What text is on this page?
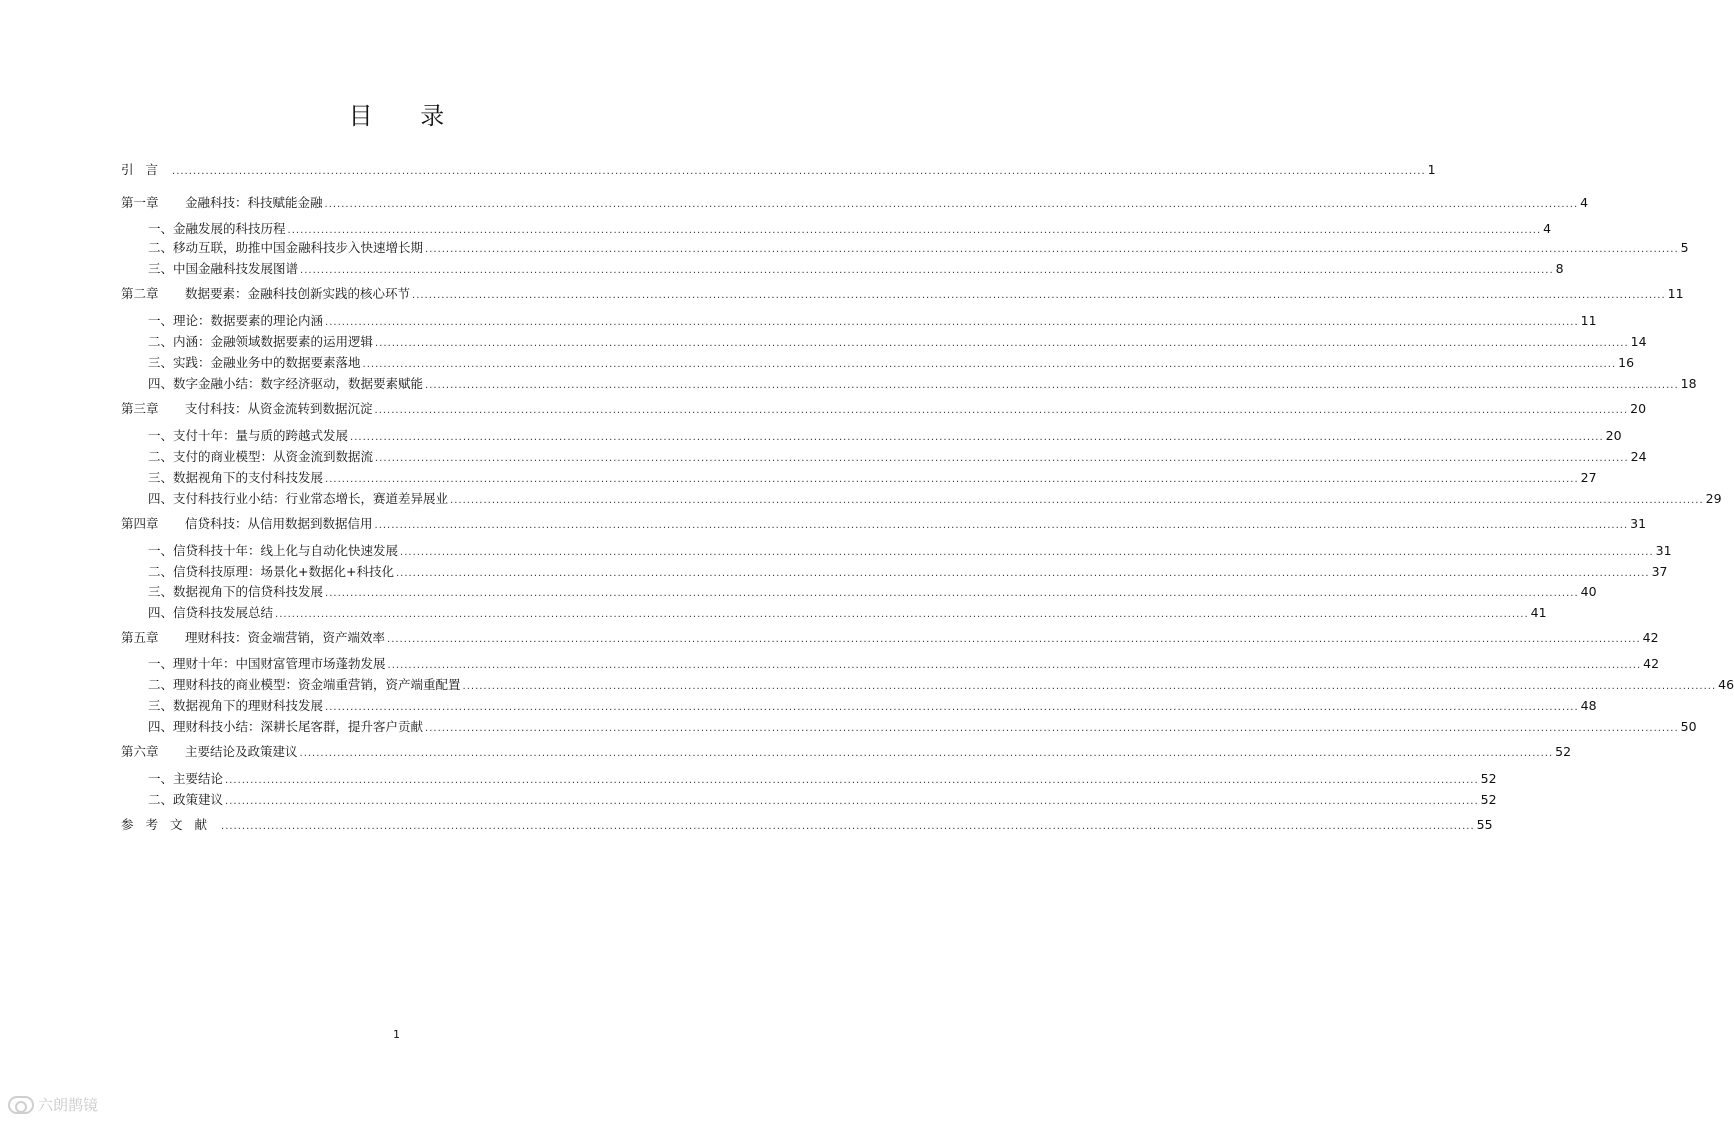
目 录
引言 ............................................................................................................................................................................................................................................................................................................ 1
第一章	金融科技：科技赋能金融 ............................................................................................................................................................................................................................................................................................................ 4
一、 金融发展的科技历程 ............................................................................................................................................................................................................................................................................................................ 4
二、 移动互联，助推中国金融科技步入快速增长期 ............................................................................................................................................................................................................................................................................................................ 5
三、 中国金融科技发展图谱 ............................................................................................................................................................................................................................................................................................................ 8
第二章	数据要素：金融科技创新实践的核心环节 ............................................................................................................................................................................................................................................................................................................ 11
一、 理论：数据要素的理论内涵 ............................................................................................................................................................................................................................................................................................................ 11
二、 内涵：金融领域数据要素的运用逻辑 ............................................................................................................................................................................................................................................................................................................ 14
三、 实践：金融业务中的数据要素落地 ............................................................................................................................................................................................................................................................................................................ 16
四、 数字金融小结：数字经济驱动，数据要素赋能 ............................................................................................................................................................................................................................................................................................................ 18
第三章	支付科技：从资金流转到数据沉淀 ............................................................................................................................................................................................................................................................................................................ 20
一、 支付十年：量与质的跨越式发展 ............................................................................................................................................................................................................................................................................................................ 20
二、 支付的商业模型：从资金流到数据流 ............................................................................................................................................................................................................................................................................................................ 24
三、 数据视角下的支付科技发展 ............................................................................................................................................................................................................................................................................................................ 27
四、 支付科技行业小结：行业常态增长，赛道差异展业 ............................................................................................................................................................................................................................................................................................................ 29
第四章	信贷科技：从信用数据到数据信用 ............................................................................................................................................................................................................................................................................................................ 31
一、 信贷科技十年：线上化与自动化快速发展 ............................................................................................................................................................................................................................................................................................................ 31
二、 信贷科技原理：场景化+数据化+科技化 ............................................................................................................................................................................................................................................................................................................ 37
三、 数据视角下的信贷科技发展 ............................................................................................................................................................................................................................................................................................................ 40
四、 信贷科技发展总结 ............................................................................................................................................................................................................................................................................................................ 41
第五章	理财科技：资金端营销，资产端效率 ............................................................................................................................................................................................................................................................................................................ 42
一、 理财十年：中国财富管理市场蓬勃发展 ............................................................................................................................................................................................................................................................................................................ 42
二、 理财科技的商业模型：资金端重营销，资产端重配置 ............................................................................................................................................................................................................................................................................................................ 46
三、 数据视角下的理财科技发展 ............................................................................................................................................................................................................................................................................................................ 48
四、 理财科技小结：深耕长尾客群，提升客户贡献 ............................................................................................................................................................................................................................................................................................................ 50
第六章	主要结论及政策建议 ............................................................................................................................................................................................................................................................................................................ 52
一、 主要结论 ............................................................................................................................................................................................................................................................................................................ 52
二、 政策建议 ............................................................................................................................................................................................................................................................................................................ 52
参考文献 ............................................................................................................................................................................................................................................................................................................ 55
1
六朗鹊镜
